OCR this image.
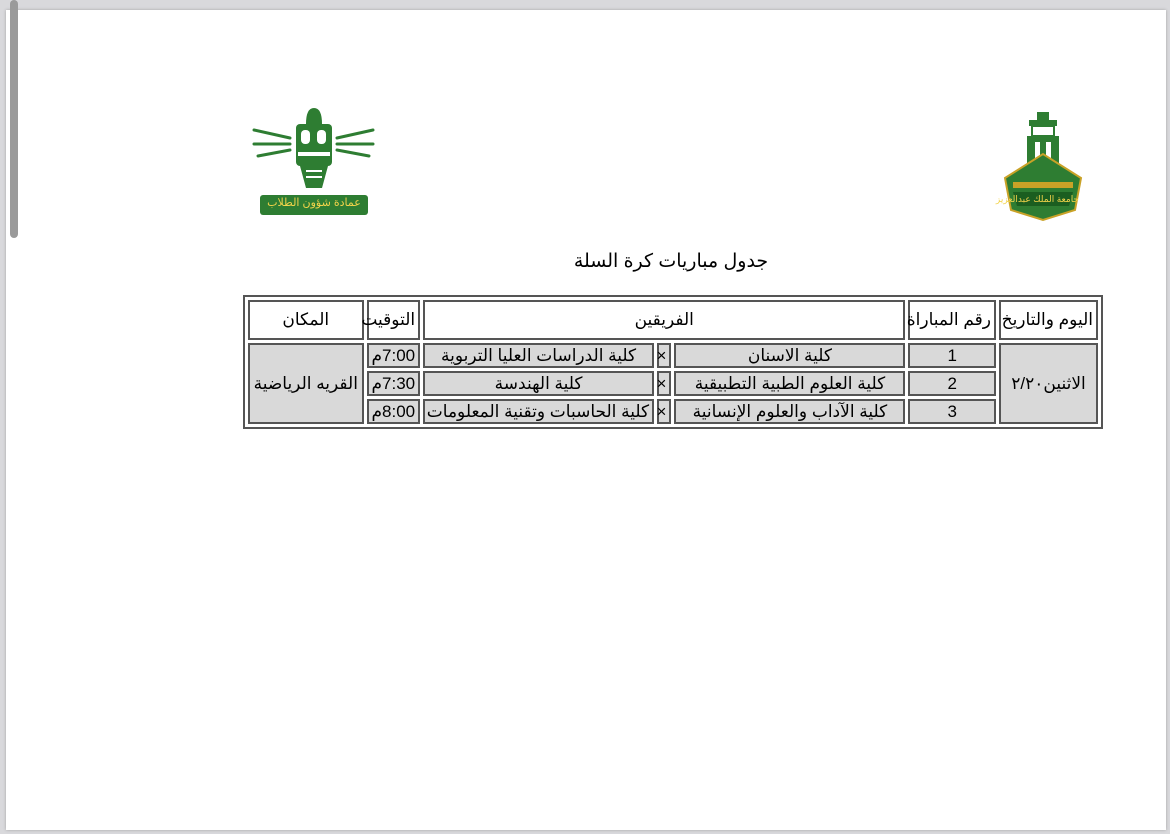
عمادة شؤون الطلاب	جامعة الملك عبدالعزيز
جدول مباريات كرة السلة
اليوم والتاريخ	رقم المباراة	الفريقين			التوقيت	المكان
الاثنين٢/٢٠	1	كلية الاسنان	×	كلية الدراسات العليا التربوية	7:00م	القريه الرياضية
	2	كلية العلوم الطبية التطبيقية	×	كلية الهندسة	7:30م	
	3	كلية الآداب والعلوم الإنسانية	×	كلية الحاسبات وتقنية المعلومات	8:00م	
